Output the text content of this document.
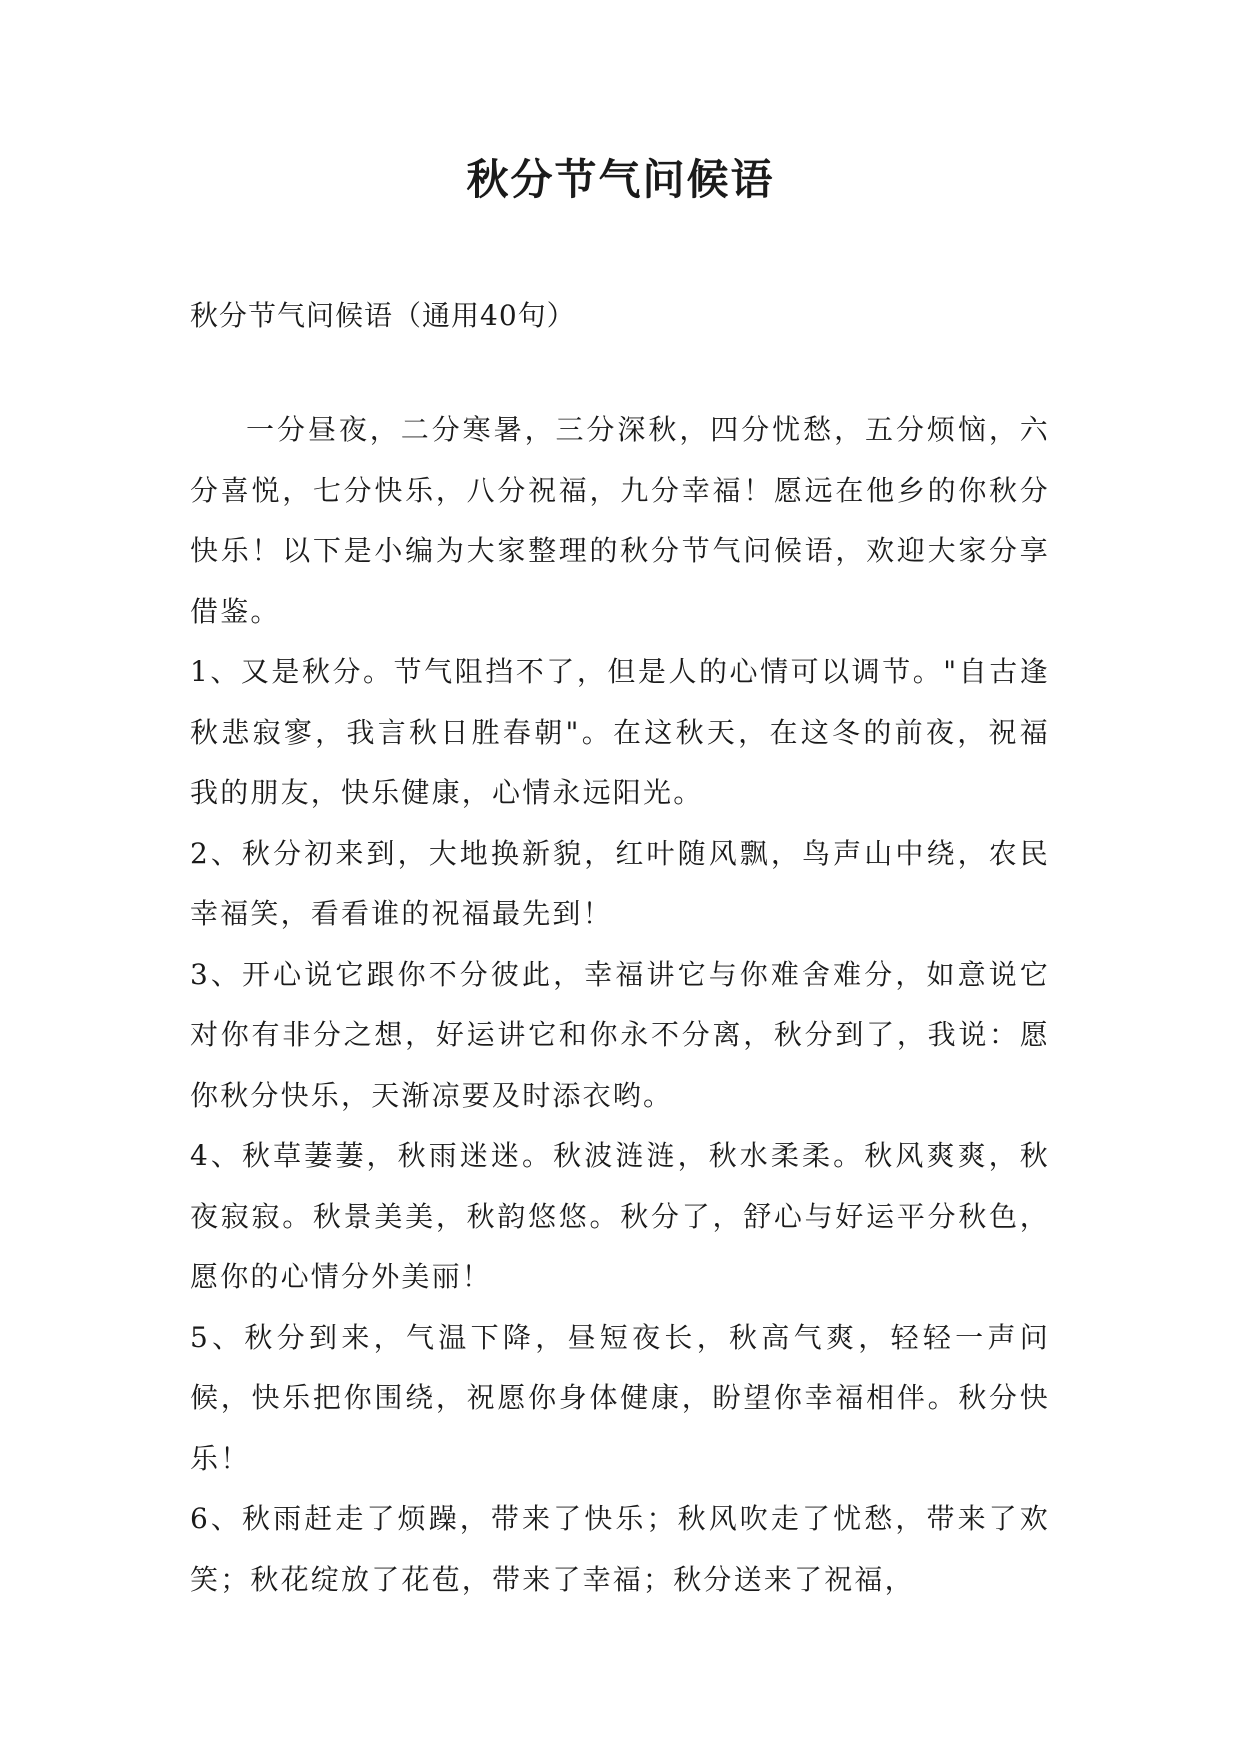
秋分节气问候语
秋分节气问候语（通用40句）

一分昼夜，二分寒暑，三分深秋，四分忧愁，五分烦恼，六分喜悦，七分快乐，八分祝福，九分幸福！愿远在他乡的你秋分快乐！以下是小编为大家整理的秋分节气问候语，欢迎大家分享借鉴。

1、又是秋分。节气阻挡不了，但是人的心情可以调节。"自古逢秋悲寂寥，我言秋日胜春朝"。在这秋天，在这冬的前夜，祝福我的朋友，快乐健康，心情永远阳光。

2、秋分初来到，大地换新貌，红叶随风飘，鸟声山中绕，农民幸福笑，看看谁的祝福最先到！

3、开心说它跟你不分彼此，幸福讲它与你难舍难分，如意说它对你有非分之想，好运讲它和你永不分离，秋分到了，我说：愿你秋分快乐，天渐凉要及时添衣哟。

4、秋草萋萋，秋雨迷迷。秋波涟涟，秋水柔柔。秋风爽爽，秋夜寂寂。秋景美美，秋韵悠悠。秋分了，舒心与好运平分秋色，愿你的心情分外美丽！

5、秋分到来，气温下降，昼短夜长，秋高气爽，轻轻一声问候，快乐把你围绕，祝愿你身体健康，盼望你幸福相伴。秋分快乐！

6、秋雨赶走了烦躁，带来了快乐；秋风吹走了忧愁，带来了欢笑；秋花绽放了花苞，带来了幸福；秋分送来了祝福，
